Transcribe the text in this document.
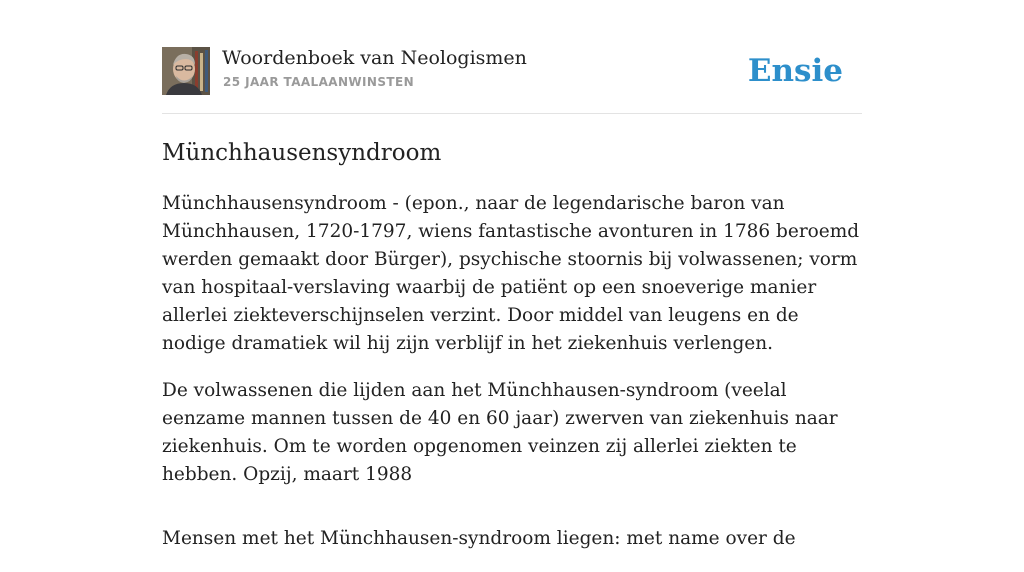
Woordenboek van Neologismen
25 JAAR TAALAANWINSTEN	Ensie
Münchhausensyndroom

Münchhausensyndroom - (epon., naar de legendarische baron van Münchhausen, 1720-1797, wiens fantastische avonturen in 1786 beroemd werden gemaakt door Bürger), psychische stoornis bij volwassenen; vorm van hospitaal-verslaving waarbij de patiënt op een snoeverige manier allerlei ziekteverschijnselen verzint. Door middel van leugens en de nodige dramatiek wil hij zijn verblijf in het ziekenhuis verlengen.

De volwassenen die lijden aan het Münchhausen-syndroom (veelal eenzame mannen tussen de 40 en 60 jaar) zwerven van ziekenhuis naar ziekenhuis. Om te worden opgenomen veinzen zij allerlei ziekten te hebben. Opzij, maart 1988

Mensen met het Münchhausen-syndroom liegen: met name over de
